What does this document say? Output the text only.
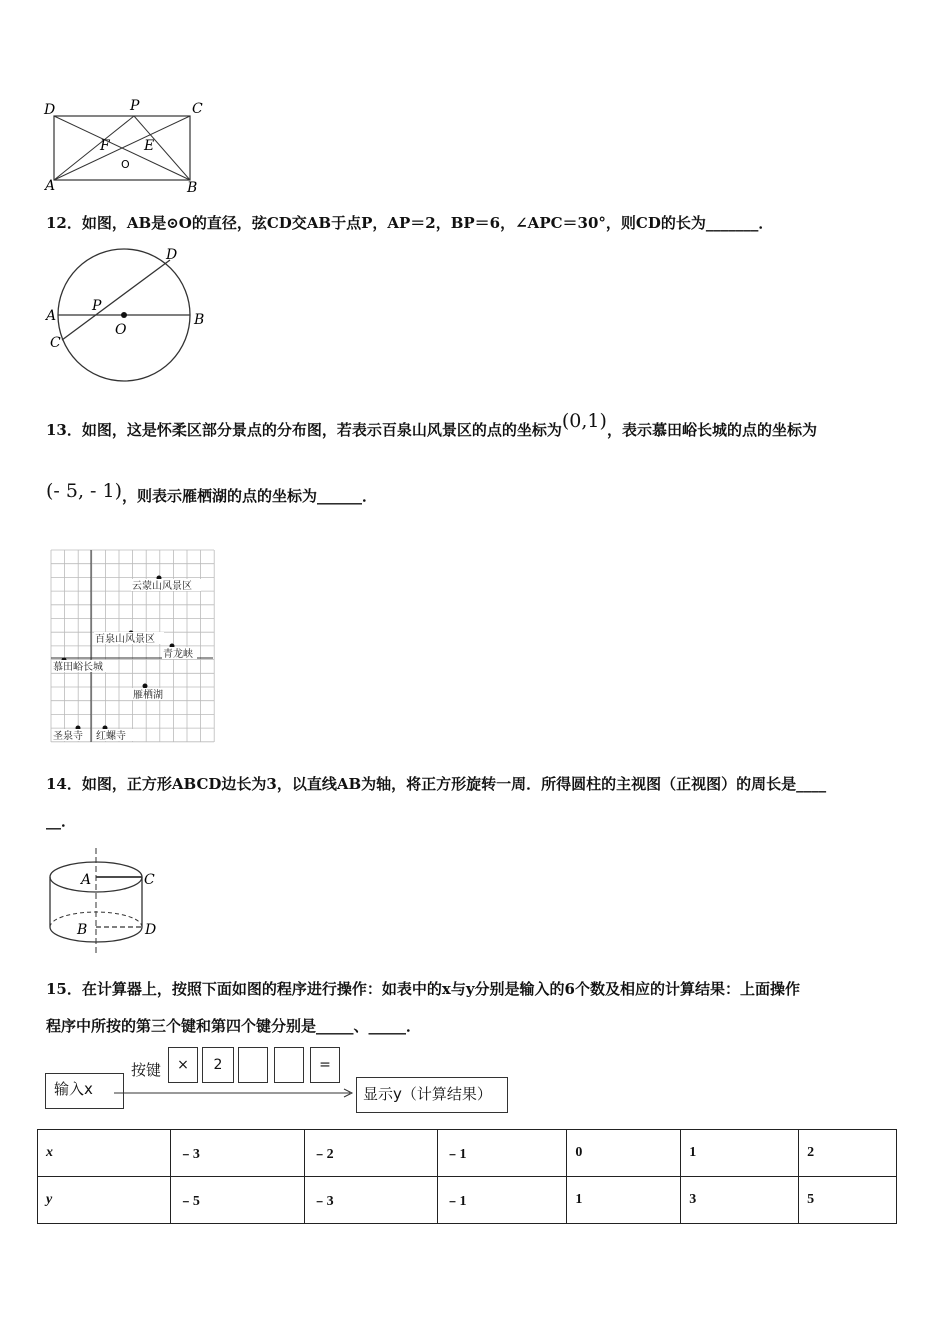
D	P	C
F E
O
A	B
12．如图，AB是⊙O的直径，弦CD交AB于点P，AP＝2，BP＝6，∠APC＝30°，则CD的长为_______．
D
P
A
O
B
C
13．如图，这是怀柔区部分景点的分布图，若表示百泉山风景区的点的坐标为(0,1)，表示慕田峪长城的点的坐标为
(- 5, - 1)，则表示雁栖湖的点的坐标为______．
云蒙山风景区
百泉山风景区
青龙峡
慕田峪长城
雁栖湖
圣泉寺 红螺寺
14．如图，正方形ABCD边长为3，以直线AB为轴，将正方形旋转一周．所得圆柱的主视图（正视图）的周长是____
__．
A	C
B	D
15．在计算器上，按照下面如图的程序进行操作：如表中的x与y分别是输入的6个数及相应的计算结果：上面操作
程序中所按的第三个键和第四个键分别是_____、_____．
输入x
按键	×	2	=
显示y（计算结果）
x	﹣3	﹣2	﹣1	0	1	2
y	﹣5	﹣3	﹣1	1	3	5
